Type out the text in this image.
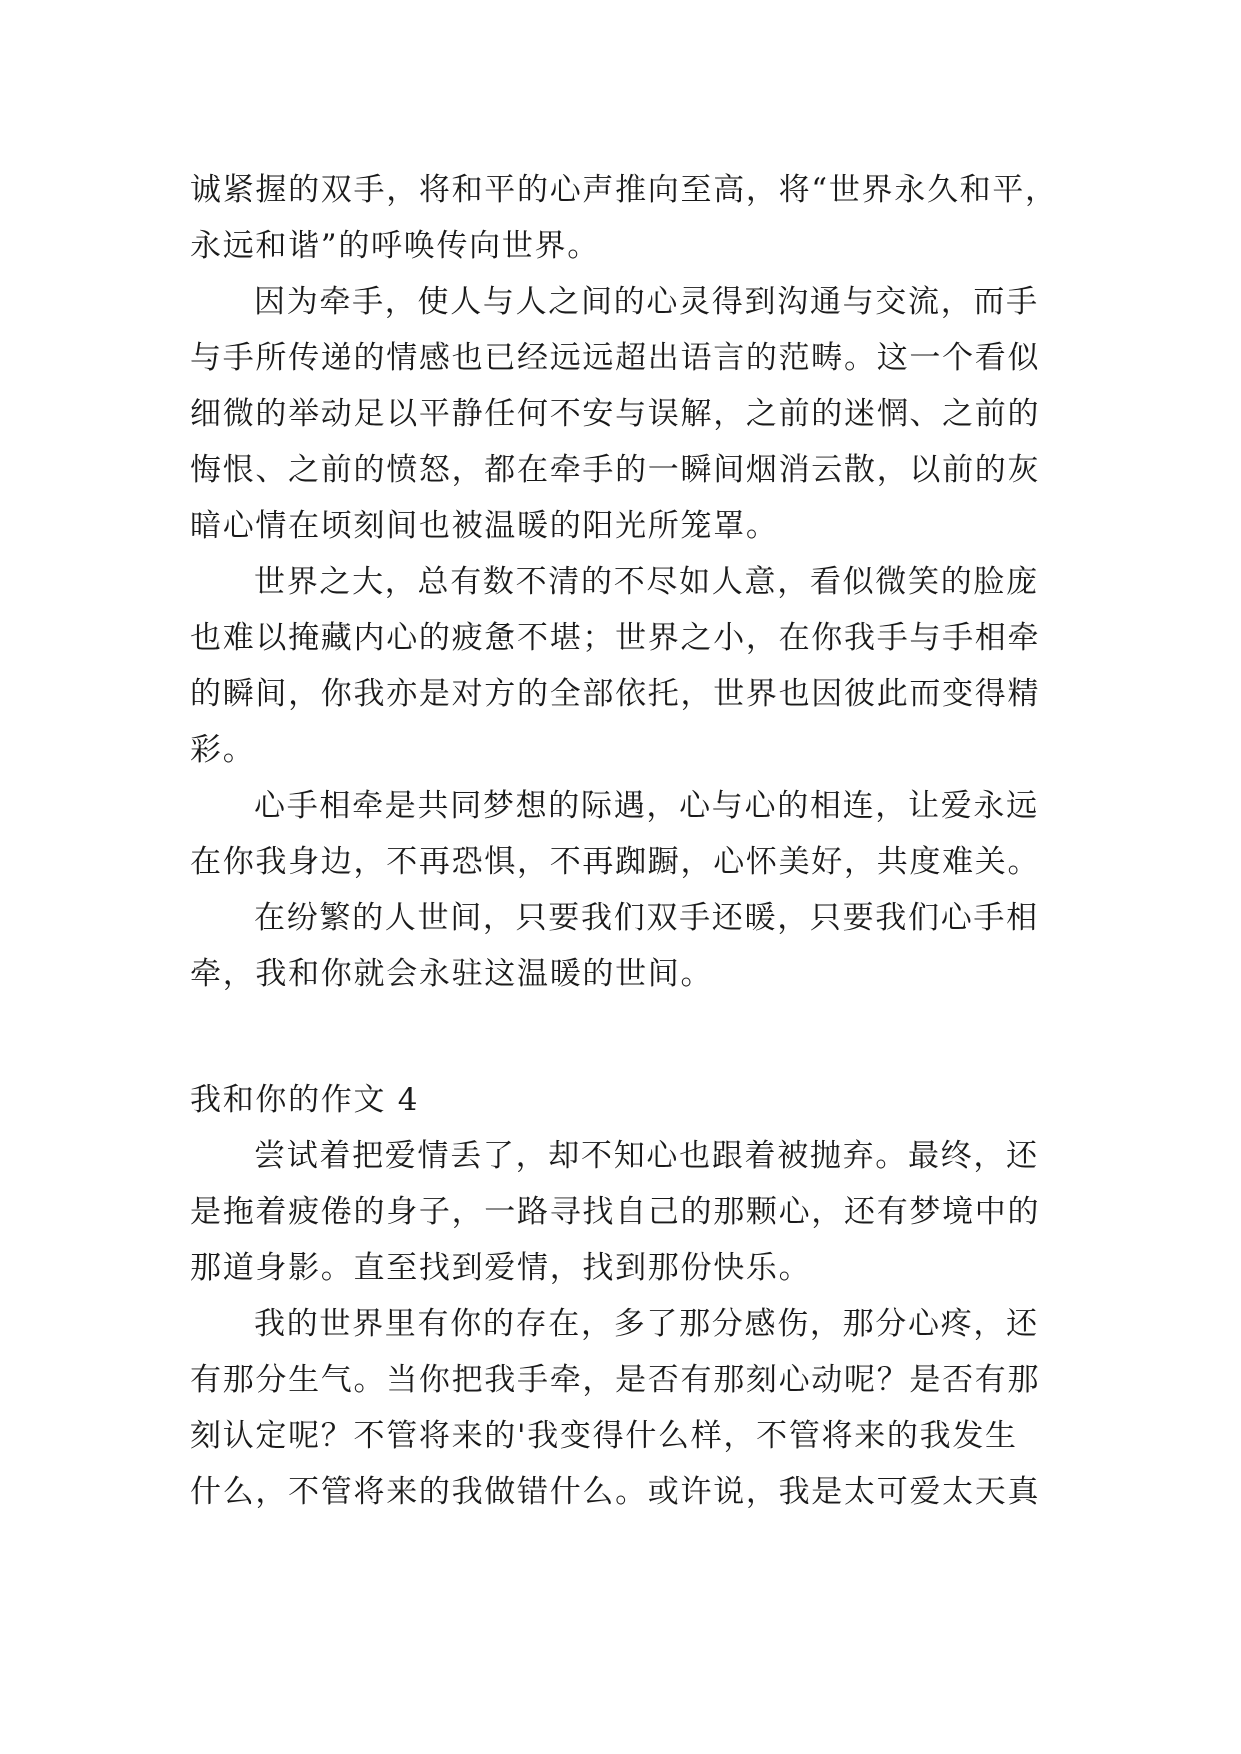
诚紧握的双手，将和平的心声推向至高，将“世界永久和平，
永远和谐”的呼唤传向世界。
因为牵手，使人与人之间的心灵得到沟通与交流，而手
与手所传递的情感也已经远远超出语言的范畴。这一个看似
细微的举动足以平静任何不安与误解，之前的迷惘、之前的
悔恨、之前的愤怒，都在牵手的一瞬间烟消云散，以前的灰
暗心情在顷刻间也被温暖的阳光所笼罩。
世界之大，总有数不清的不尽如人意，看似微笑的脸庞
也难以掩藏内心的疲惫不堪；世界之小，在你我手与手相牵
的瞬间，你我亦是对方的全部依托，世界也因彼此而变得精
彩。
心手相牵是共同梦想的际遇，心与心的相连，让爱永远
在你我身边，不再恐惧，不再踟蹰，心怀美好，共度难关。
在纷繁的人世间，只要我们双手还暖，只要我们心手相
牵，我和你就会永驻这温暖的世间。
我和你的作文 4
尝试着把爱情丢了，却不知心也跟着被抛弃。最终，还
是拖着疲倦的身子，一路寻找自己的那颗心，还有梦境中的
那道身影。直至找到爱情，找到那份快乐。
我的世界里有你的存在，多了那分感伤，那分心疼，还
有那分生气。当你把我手牵，是否有那刻心动呢？是否有那
刻认定呢？不管将来的'我变得什么样，不管将来的我发生
什么，不管将来的我做错什么。或许说，我是太可爱太天真
